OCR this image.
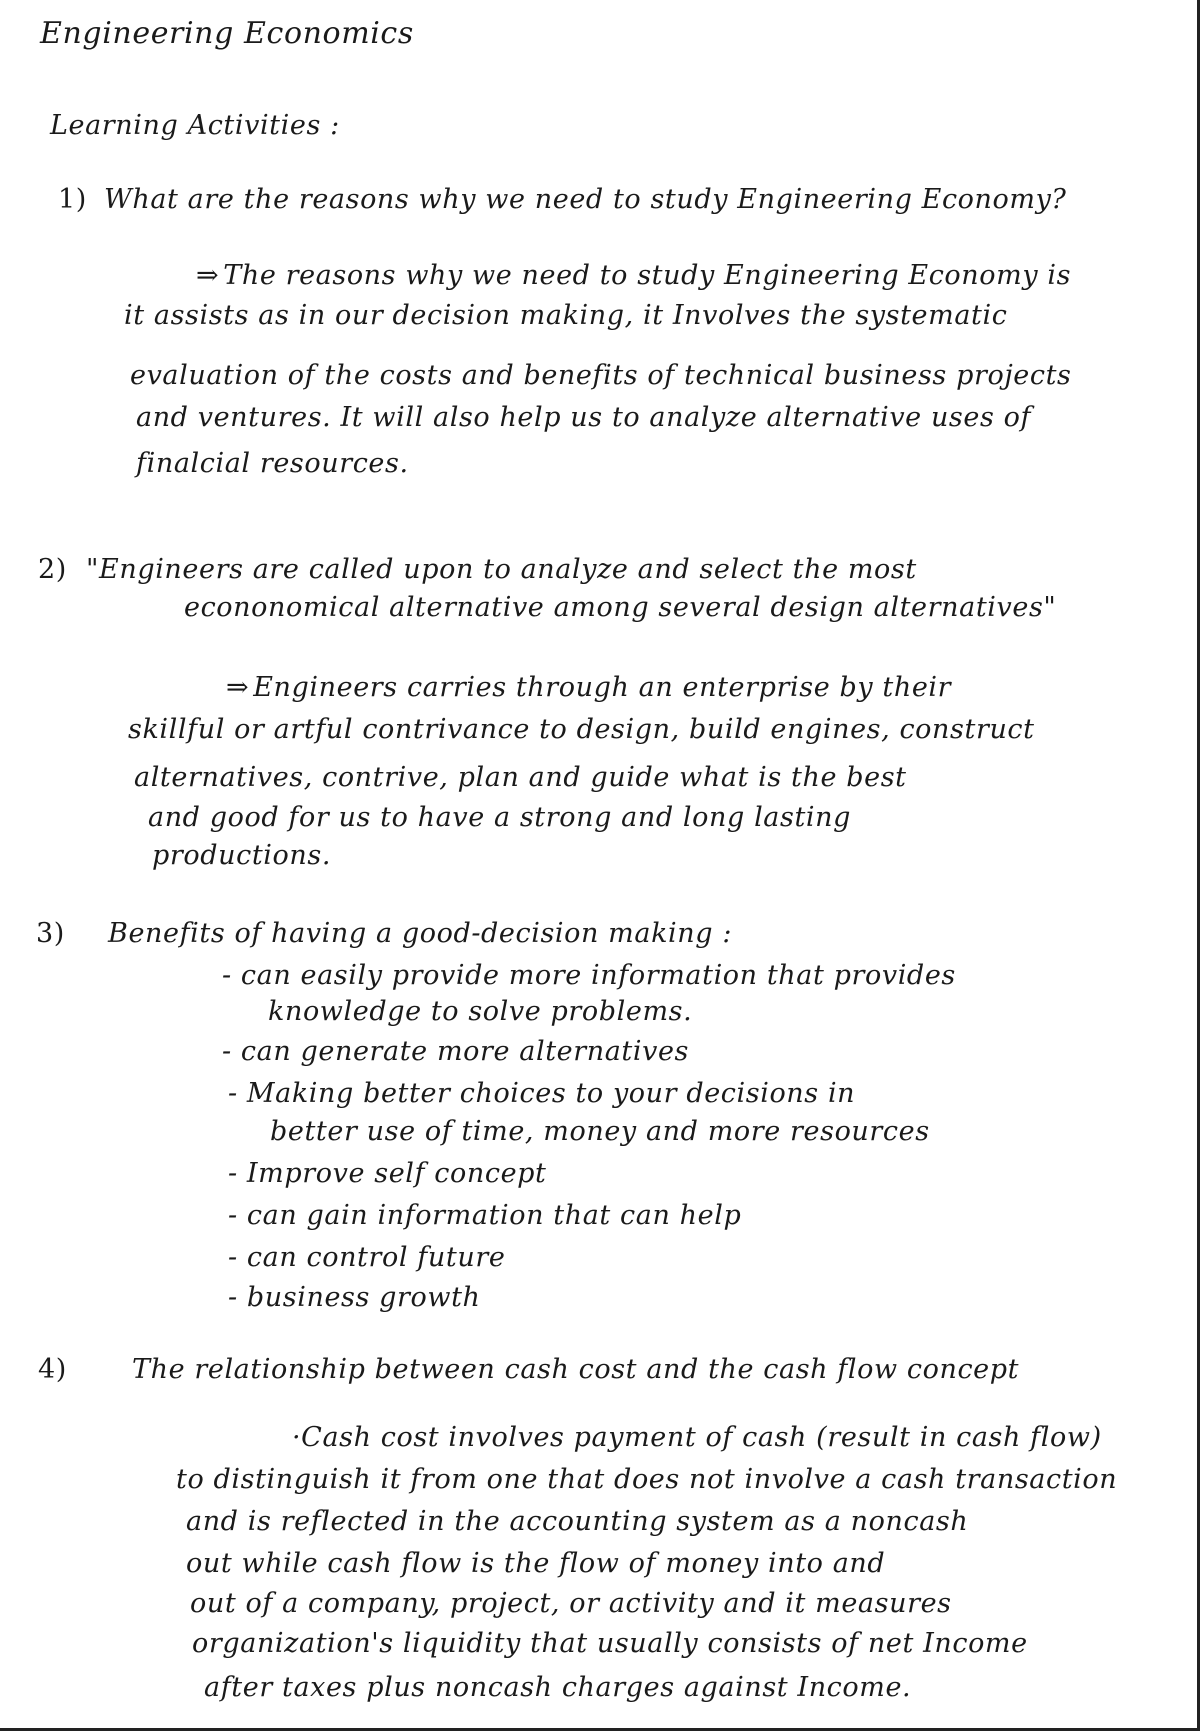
Engineering Economics
Learning Activities :
1) What are the reasons why we need to study Engineering Economy?
⇒ The reasons why we need to study Engineering Economy is
it assists as in our decision making, it Involves the systematic
evaluation of the costs and benefits of technical business projects
and ventures. It will also help us to analyze alternative uses of
finalcial resources.
2) "Engineers are called upon to analyze and select the most
econonomical alternative among several design alternatives"
⇒ Engineers carries through an enterprise by their
skillful or artful contrivance to design, build engines, construct
alternatives, contrive, plan and guide what is the best
and good for us to have a strong and long lasting
productions.
3) Benefits of having a good-decision making :
- can easily provide more information that provides
knowledge to solve problems.
- can generate more alternatives
- Making better choices to your decisions in
better use of time, money and more resources
- Improve self concept
- can gain information that can help
- can control future
- business growth
4) The relationship between cash cost and the cash flow concept
·Cash cost involves payment of cash (result in cash flow)
to distinguish it from one that does not involve a cash transaction
and is reflected in the accounting system as a noncash
out while cash flow is the flow of money into and
out of a company, project, or activity and it measures
organization's liquidity that usually consists of net Income
after taxes plus noncash charges against Income.
